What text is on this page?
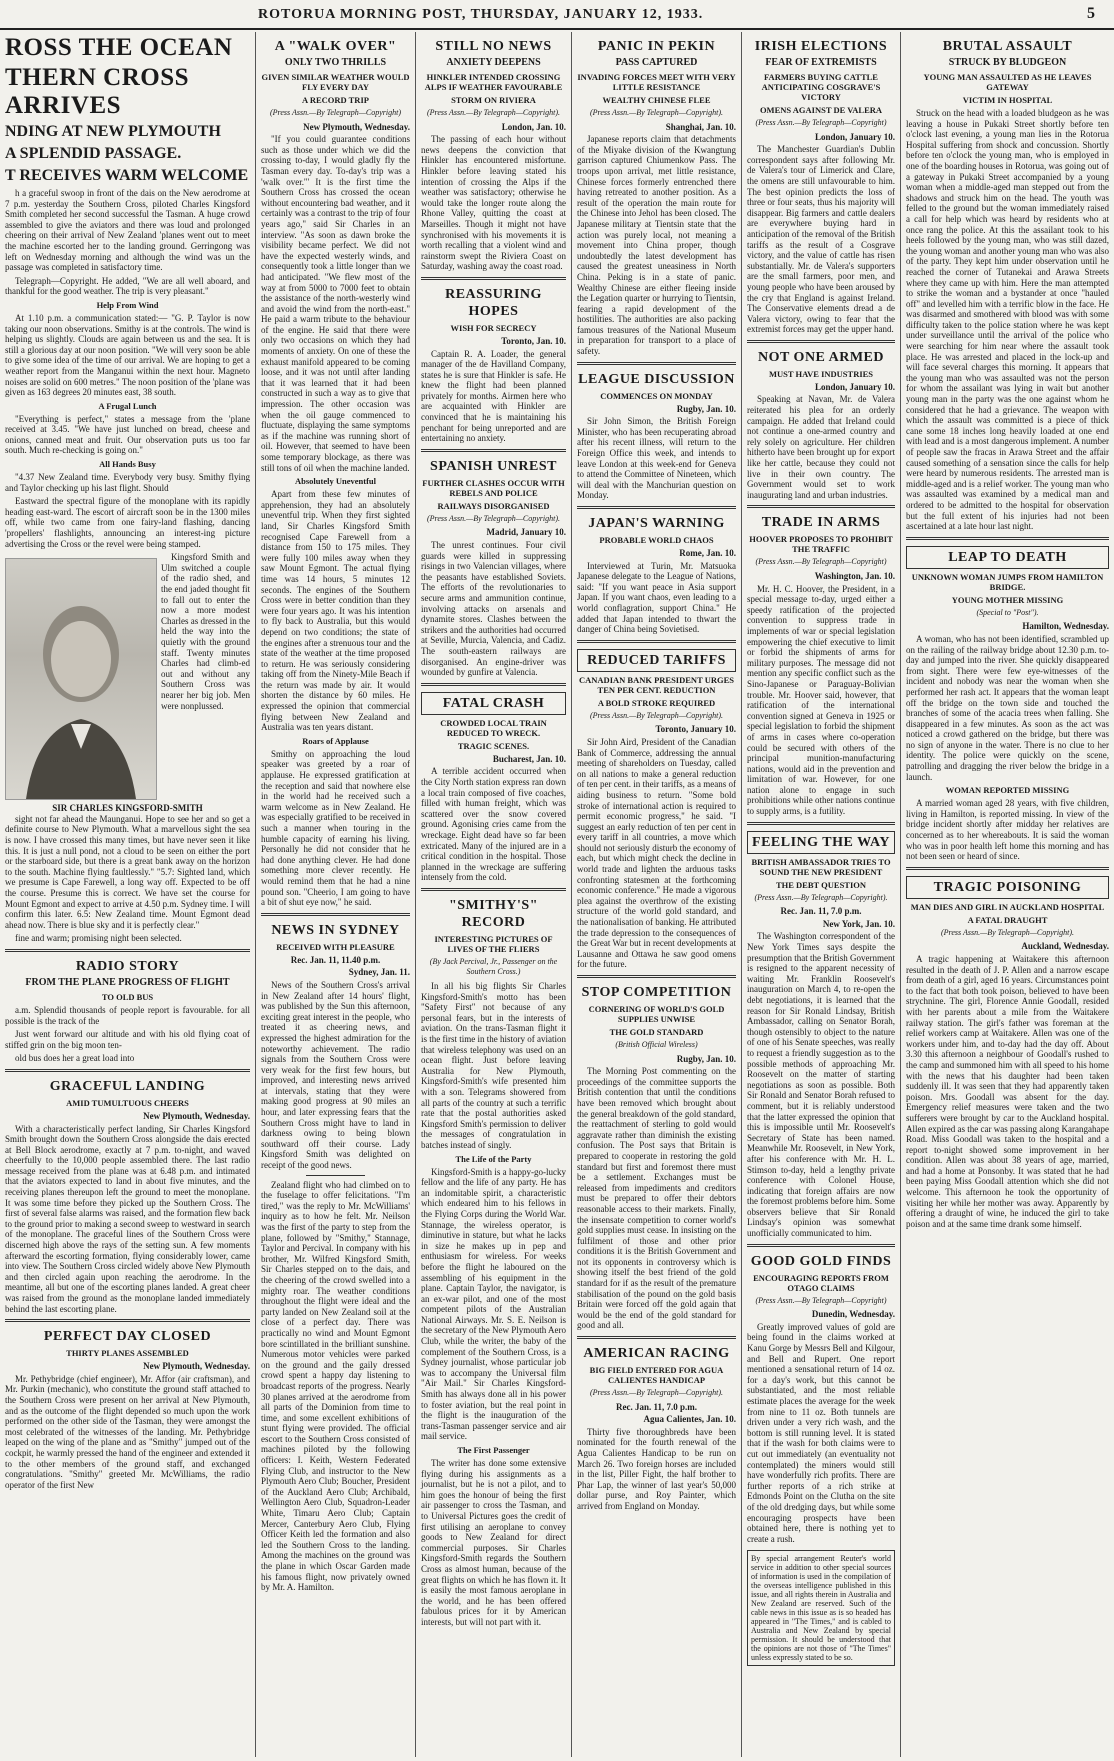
ROTORUA MORNING POST, THURSDAY, JANUARY 12, 1933.	5
ROSS THE OCEAN
THERN CROSS ARRIVES
NDING AT NEW PLYMOUTH
A SPLENDID PASSAGE.
T RECEIVES WARM WELCOME

h a graceful swoop in front of the dais on the New aerodrome at 7 p.m. yesterday the Southern Cross, piloted Charles Kingsford Smith completed her second successful the Tasman. A huge crowd assembled to give the aviators and there was loud and prolonged cheering on their arrival of New Zealand 'planes went out to meet the machine escorted her to the landing ground. Gerringong was left on Wednesday morning and although the wind was un the passage was completed in satisfactory time.

Telegraph—Copyright. He added, "We are all well aboard, and thankful for the good weather. The trip is very pleasant."

Help From Wind

At 1.10 p.m. a communication stated:— "G. P. Taylor is now taking our noon observations. Smithy is at the controls. The wind is helping us slightly. Clouds are again between us and the sea. It is still a glorious day at our noon position. "We will very soon be able to give some idea of the time of our arrival. We are hoping to get a weather report from the Manganui within the next hour. Magneto noises are solid on 600 metres." The noon position of the 'plane was given as 163 degrees 20 minutes east, 38 south.

A Frugal Lunch

"Everything is perfect," states a message from the 'plane received at 3.45. "We have just lunched on bread, cheese and onions, canned meat and fruit. Our observation puts us too far south. Much re-checking is going on."

All Hands Busy

"4.37 New Zealand time. Everybody very busy. Smithy flying and Taylor checking up his last flight. Should

Eastward the spectral figure of the monoplane with its rapidly heading east-ward. The escort of aircraft soon be in the 1300 miles off, while two came from one fairy-land flashing, dancing 'propellers' flashlights, announcing an interest-ing picture advertising the Cross or the revel were being stamped.

Kingsford Smith and Ulm switched a couple of the radio shed, and the end jaded thought fit to fall out to enter the now a more modest Charles as dressed in the held the way into the quietly with the ground staff. Twenty minutes Charles had climb-ed out and without any Southern Cross was nearer her big job. Men were nonplussed.

SIR CHARLES KINGSFORD-SMITH

sight not far ahead the Maunganui. Hope to see her and so get a definite course to New Plymouth. What a marvellous sight the sea is now. I have crossed this many times, but have never seen it like this. It is just a null pond, not a cloud to be seen on either the port or the starboard side, but there is a great bank away on the horizon to the south. Machine flying faultlessly." "5.7: Sighted land, which we presume is Cape Farewell, a long way off. Expected to be off the course. Presume this is correct. We have set the course for Mount Egmont and expect to arrive at 4.50 p.m. Sydney time. I will confirm this later. 6.5: New Zealand time. Mount Egmont dead ahead now. There is blue sky and it is perfectly clear."

fine and warm; promising night been selected.

RADIO STORY
FROM THE PLANE PROGRESS OF FLIGHT
TO OLD BUS

a.m. Splendid thousands of people report is favourable. for all possible is the track of the

Just went forward our altitude and with his old flying coat of stiffed grin on the big moon ten-

old bus does her a great load into

GRACEFUL LANDING
AMID TUMULTUOUS CHEERS
New Plymouth, Wednesday.

With a characteristically perfect landing, Sir Charles Kingsford Smith brought down the Southern Cross alongside the dais erected at Bell Block aerodrome, exactly at 7 p.m. to-night, and waved cheerfully to the 10,000 people assembled there. The last radio message received from the plane was at 6.48 p.m. and intimated that the aviators expected to land in about five minutes, and the receiving planes thereupon left the ground to meet the monoplane. It was some time before they picked up the Southern Cross. The first of several false alarms was raised, and the formation flew back to the ground prior to making a second sweep to westward in search of the monoplane. The graceful lines of the Southern Cross were discerned high above the rays of the setting sun. A few moments afterward the escorting formation, flying considerably lower, came into view. The Southern Cross circled widely above New Plymouth and then circled again upon reaching the aerodrome. In the meantime, all but one of the escorting planes landed. A great cheer was raised from the ground as the monoplane landed immediately behind the last escorting plane.

PERFECT DAY CLOSED
THIRTY PLANES ASSEMBLED
New Plymouth, Wednesday.

Mr. Pethybridge (chief engineer), Mr. Affor (air craftsman), and Mr. Purkin (mechanic), who constitute the ground staff attached to the Southern Cross were present on her arrival at New Plymouth, and as the outcome of the flight depended so much upon the work performed on the other side of the Tasman, they were amongst the most celebrated of the witnesses of the landing. Mr. Pethybridge leaped on the wing of the plane and as "Smithy" jumped out of the cockpit, he warmly pressed the hand of the engineer and extended it to the other members of the ground staff, and exchanged congratulations. "Smithy" greeted Mr. McWilliams, the radio operator of the first New

A "WALK OVER"
ONLY TWO THRILLS
GIVEN SIMILAR WEATHER WOULD FLY EVERY DAY
A RECORD TRIP
(Press Assn.—By Telegraph—Copyright)
New Plymouth, Wednesday.

"If you could guarantee conditions such as those under which we did the crossing to-day, I would gladly fly the Tasman every day. To-day's trip was a 'walk over.'" It is the first time the Southern Cross has crossed the ocean without encountering bad weather, and it certainly was a contrast to the trip of four years ago," said Sir Charles in an interview. "As soon as dawn broke the visibility became perfect. We did not have the expected westerly winds, and consequently took a little longer than we had anticipated. "We flew most of the way at from 5000 to 7000 feet to obtain the assistance of the north-westerly wind and avoid the wind from the north-east." He paid a warm tribute to the behaviour of the engine. He said that there were only two occasions on which they had moments of anxiety. On one of these the exhaust manifold appeared to be coming loose, and it was not until after landing that it was learned that it had been constructed in such a way as to give that impression. The other occasion was when the oil gauge commenced to fluctuate, displaying the same symptoms as if the machine was running short of oil. However, that seemed to have been some temporary blockage, as there was still tons of oil when the machine landed.

Absolutely Uneventful

Apart from these few minutes of apprehension, they had an absolutely uneventful trip. When they first sighted land, Sir Charles Kingsford Smith recognised Cape Farewell from a distance from 150 to 175 miles. They were fully 100 miles away when they saw Mount Egmont. The actual flying time was 14 hours, 5 minutes 12 seconds. The engines of the Southern Cross were in better condition than they were four years ago. It was his intention to fly back to Australia, but this would depend on two conditions; the state of the engines after a strenuous tour and the state of the weather at the time proposed to return. He was seriously considering taking off from the Ninety-Mile Beach if the return was made by air. It would shorten the distance by 60 miles. He expressed the opinion that commercial flying between New Zealand and Australia was ten years distant.

Roars of Applause

Smithy on approaching the loud speaker was greeted by a roar of applause. He expressed gratification at the reception and said that nowhere else in the world had he received such a warm welcome as in New Zealand. He was especially gratified to be received in such a manner when touring in the humble capacity of earning his living. Personally he did not consider that he had done anything clever. He had done something more clever recently. He would remind them that he had a nine pound son. "Cheerio, I am going to have a bit of shut eye now," he said.

NEWS IN SYDNEY
RECEIVED WITH PLEASURE
Rec. Jan. 11, 11.40 p.m.
Sydney, Jan. 11.

News of the Southern Cross's arrival in New Zealand after 14 hours' flight, was published by the Sun this afternoon, exciting great interest in the people, who treated it as cheering news, and expressed the highest admiration for the noteworthy achievement. The radio signals from the Southern Cross were very weak for the first few hours, but improved, and interesting news arrived at intervals, stating that they were making good progress at 90 miles an hour, and later expressing fears that the Southern Cross might have to land in darkness owing to being blown southward off their course. Lady Kingsford Smith was delighted on receipt of the good news.

Zealand flight who had climbed on to the fuselage to offer felicitations. "I'm tired," was the reply to Mr. McWilliams' inquiry as to how he felt. Mr. Neilson was the first of the party to step from the plane, followed by "Smithy," Stannage, Taylor and Percival. In company with his brother, Mr. Wilfred Kingsford Smith, Sir Charles stepped on to the dais, and the cheering of the crowd swelled into a mighty roar. The weather conditions throughout the flight were ideal and the party landed on New Zealand soil at the close of a perfect day. There was practically no wind and Mount Egmont bore scintillated in the brilliant sunshine. Numerous motor vehicles were parked on the ground and the gaily dressed crowd spent a happy day listening to broadcast reports of the progress. Nearly 30 planes arrived at the aerodrome from all parts of the Dominion from time to time, and some excellent exhibitions of stunt flying were provided. The official escort to the Southern Cross consisted of machines piloted by the following officers: I. Keith, Western Federated Flying Club, and instructor to the New Plymouth Aero Club; Boucher, President of the Auckland Aero Club; Archibald, Wellington Aero Club, Squadron-Leader White, Timaru Aero Club; Captain Mercer, Canterbury Aero Club, Flying Officer Keith led the formation and also led the Southern Cross to the landing. Among the machines on the ground was the plane in which Oscar Garden made his famous flight, now privately owned by Mr. A. Hamilton.

STILL NO NEWS
ANXIETY DEEPENS
HINKLER INTENDED CROSSING ALPS IF WEATHER FAVOURABLE
STORM ON RIVIERA
(Press Assn.—By Telegraph—Copyright).
London, Jan. 10.

The passing of each hour without news deepens the conviction that Hinkler has encountered misfortune. Hinkler before leaving stated his intention of crossing the Alps if the weather was satisfactory; otherwise he would take the longer route along the Rhone Valley, quitting the coast at Marseilles. Though it might not have synchronised with his movements it is worth recalling that a violent wind and rainstorm swept the Riviera Coast on Saturday, washing away the coast road.

REASSURING HOPES
WISH FOR SECRECY
Toronto, Jan. 10.

Captain R. A. Loader, the general manager of the de Havilland Company, states he is sure that Hinkler is safe. He knew the flight had been planned privately for months. Airmen here who are acquainted with Hinkler are convinced that he is maintaining his penchant for being unreported and are entertaining no anxiety.

SPANISH UNREST
FURTHER CLASHES OCCUR WITH REBELS AND POLICE
RAILWAYS DISORGANISED
(Press Assn.—By Telegraph—Copyright).
Madrid, January 10.

The unrest continues. Four civil guards were killed in suppressing risings in two Valencian villages, where the peasants have established Soviets. The efforts of the revolutionaries to secure arms and ammunition continue, involving attacks on arsenals and dynamite stores. Clashes between the strikers and the authorities had occurred at Seville, Murcia, Valencia, and Cadiz. The south-eastern railways are disorganised. An engine-driver was wounded by gunfire at Valencia.

FATAL CRASH
CROWDED LOCAL TRAIN REDUCED TO WRECK.
TRAGIC SCENES.
Bucharest, Jan. 10.

A terrible accident occurred when the City North station express ran down a local train composed of five coaches, filled with human freight, which was scattered over the snow covered ground. Agonising cries came from the wreckage. Eight dead have so far been extricated. Many of the injured are in a critical condition in the hospital. Those planned in the wreckage are suffering intensely from the cold.

"SMITHY'S" RECORD
INTERESTING PICTURES OF LIVES OF THE FLIERS
(By Jack Percival, Jr., Passenger on the Southern Cross.)

In all his big flights Sir Charles Kingsford-Smith's motto has been "Safety First" not because of any personal fears, but in the interests of aviation. On the trans-Tasman flight it is the first time in the history of aviation that wireless telephony was used on an ocean flight. Just before leaving Australia for New Plymouth, Kingsford-Smith's wife presented him with a son. Telegrams showered from all parts of the country at such a terrific rate that the postal authorities asked Kingsford Smith's permission to deliver the messages of congratulation in batches instead of singly.

The Life of the Party

Kingsford-Smith is a happy-go-lucky fellow and the life of any party. He has an indomitable spirit, a characteristic which endeared him to his fellows in the Flying Corps during the World War. Stannage, the wireless operator, is diminutive in stature, but what he lacks in size he makes up in pep and enthusiasm for wireless. For weeks before the flight he laboured on the assembling of his equipment in the plane. Captain Taylor, the navigator, is an ex-war pilot, and one of the most competent pilots of the Australian National Airways. Mr. S. E. Neilson is the secretary of the New Plymouth Aero Club, while the writer, the baby of the complement of the Southern Cross, is a Sydney journalist, whose particular job was to accompany the Universal film "Air Mail." Sir Charles Kingsford-Smith has always done all in his power to foster aviation, but the real point in the flight is the inauguration of the trans-Tasman passenger service and air mail service.

The First Passenger

The writer has done some extensive flying during his assignments as a journalist, but he is not a pilot, and to him goes the honour of being the first air passenger to cross the Tasman, and to Universal Pictures goes the credit of first utilising an aeroplane to convey goods to New Zealand for direct commercial purposes. Sir Charles Kingsford-Smith regards the Southern Cross as almost human, because of the great flights on which he has flown it. It is easily the most famous aeroplane in the world, and he has been offered fabulous prices for it by American interests, but will not part with it.

PANIC IN PEKIN
PASS CAPTURED
INVADING FORCES MEET WITH VERY LITTLE RESISTANCE
WEALTHY CHINESE FLEE
(Press Assn.—By Telegraph—Copyright).
Shanghai, Jan. 10.

Japanese reports claim that detachments of the Miyake division of the Kwangtung garrison captured Chiumenkow Pass. The troops upon arrival, met little resistance, Chinese forces formerly entrenched there having retreated to another position. As a result of the operation the main route for the Chinese into Jehol has been closed. The Japanese military at Tientsin state that the action was purely local, not meaning a movement into China proper, though undoubtedly the latest development has caused the greatest uneasiness in North China. Peking is in a state of panic. Wealthy Chinese are either fleeing inside the Legation quarter or hurrying to Tientsin, fearing a rapid development of the hostilities. The authorities are also packing famous treasures of the National Museum in preparation for transport to a place of safety.

LEAGUE DISCUSSION
COMMENCES ON MONDAY
Rugby, Jan. 10.

Sir John Simon, the British Foreign Minister, who has been recuperating abroad after his recent illness, will return to the Foreign Office this week, and intends to leave London at this week-end for Geneva to attend the Committee of Nineteen, which will deal with the Manchurian question on Monday.

JAPAN'S WARNING
PROBABLE WORLD CHAOS
Rome, Jan. 10.

Interviewed at Turin, Mr. Matsuoka Japanese delegate to the League of Nations, said: "If you want peace in Asia support Japan. If you want chaos, even leading to a world conflagration, support China." He added that Japan intended to thwart the danger of China being Sovietised.

REDUCED TARIFFS
CANADIAN BANK PRESIDENT URGES TEN PER CENT. REDUCTION
A BOLD STROKE REQUIRED
(Press Assn.—By Telegraph—Copyright).
Toronto, January 10.

Sir John Aird, President of the Canadian Bank of Commerce, addressing the annual meeting of shareholders on Tuesday, called on all nations to make a general reduction of ten per cent. in their tariffs, as a means of aiding business to return. "Some bold stroke of international action is required to permit economic progress," he said. "I suggest an early reduction of ten per cent in every tariff in all countries, a move which should not seriously disturb the economy of each, but which might check the decline in world trade and lighten the arduous tasks confronting statesmen at the forthcoming economic conference." He made a vigorous plea against the overthrow of the existing structure of the world gold standard, and the nationalisation of banking. He attributed the trade depression to the consequences of the Great War but in recent developments at Lausanne and Ottawa he saw good omens for the future.

STOP COMPETITION
CORNERING OF WORLD'S GOLD SUPPLIES UNWISE
THE GOLD STANDARD
(British Official Wireless)
Rugby, Jan. 10.

The Morning Post commenting on the proceedings of the committee supports the British contention that until the conditions have been removed which brought about the general breakdown of the gold standard, the reattachment of sterling to gold would aggravate rather than diminish the existing confusion. The Post says that Britain is prepared to cooperate in restoring the gold standard but first and foremost there must be a settlement. Exchanges must be released from impediments and creditors must be prepared to offer their debtors reasonable access to their markets. Finally, the insensate competition to corner world's gold supplies must cease. In insisting on the fulfilment of those and other prior conditions it is the British Government and not its opponents in controversy which is showing itself the best friend of the gold standard for if as the result of the premature stabilisation of the pound on the gold basis Britain were forced off the gold again that would be the end of the gold standard for good and all.

AMERICAN RACING
BIG FIELD ENTERED FOR AGUA CALIENTES HANDICAP
(Press Assn.—By Telegraph—Copyright).
Rec. Jan. 11, 7.0 p.m.
Agua Calientes, Jan. 10.

Thirty five thoroughbreds have been nominated for the fourth renewal of the Agua Calientes Handicap to be run on March 26. Two foreign horses are included in the list, Piller Fight, the half brother to Phar Lap, the winner of last year's 50,000 dollar purse, and Roy Painter, which arrived from England on Monday.

IRISH ELECTIONS
FEAR OF EXTREMISTS
FARMERS BUYING CATTLE ANTICIPATING COSGRAVE'S VICTORY
OMENS AGAINST DE VALERA
(Press Assn.—By Telegraph—Copyright)
London, January 10.

The Manchester Guardian's Dublin correspondent says after following Mr. de Valera's tour of Limerick and Clare, the omens are still unfavourable to him. The best opinion predicts the loss of three or four seats, thus his majority will disappear. Big farmers and cattle dealers are everywhere buying hard in anticipation of the removal of the British tariffs as the result of a Cosgrave victory, and the value of cattle has risen substantially. Mr. de Valera's supporters are the small farmers, poor men, and young people who have been aroused by the cry that England is against Ireland. The Conservative elements dread a de Valera victory, owing to fear that the extremist forces may get the upper hand.

NOT ONE ARMED
MUST HAVE INDUSTRIES
London, January 10.

Speaking at Navan, Mr. de Valera reiterated his plea for an orderly campaign. He added that Ireland could not continue a one-armed country and rely solely on agriculture. Her children hitherto have been brought up for export like her cattle, because they could not live in their own country. The Government would set to work inaugurating land and urban industries.

TRADE IN ARMS
HOOVER PROPOSES TO PROHIBIT THE TRAFFIC
(Press Assn.—By Telegraph—Copyright)
Washington, Jan. 10.

Mr. H. C. Hoover, the President, in a special message to-day, urged either a speedy ratification of the projected convention to suppress trade in implements of war or special legislation empowering the chief executive to limit or forbid the shipments of arms for military purposes. The message did not mention any specific conflict such as the Sino-Japanese or Paraguay-Bolivian trouble. Mr. Hoover said, however, that ratification of the international convention signed at Geneva in 1925 or special legislation to forbid the shipment of arms in cases where co-operation could be secured with others of the principal munition-manufacturing nations, would aid in the prevention and limitation of war. However, for one nation alone to engage in such prohibitions while other nations continue to supply arms, is a futility.

FEELING THE WAY
BRITISH AMBASSADOR TRIES TO SOUND THE NEW PRESIDENT
THE DEBT QUESTION
(Press Assn.—By Telegraph—Copyright).
Rec. Jan. 11, 7.0 p.m.
New York, Jan. 10.

The Washington correspondent of the New York Times says despite the presumption that the British Government is resigned to the apparent necessity of waiting Mr. Franklin Roosevelt's inauguration on March 4, to re-open the debt negotiations, it is learned that the reason for Sir Ronald Lindsay, British Ambassador, calling on Senator Borah, though ostensibly to object to the nature of one of his Senate speeches, was really to request a friendly suggestion as to the possible methods of approaching Mr. Roosevelt on the matter of starting negotiations as soon as possible. Both Sir Ronald and Senator Borah refused to comment, but it is reliably understood that the latter expressed the opinion that this is impossible until Mr. Roosevelt's Secretary of State has been named. Meanwhile Mr. Roosevelt, in New York, after his conference with Mr. H. L. Stimson to-day, held a lengthy private conference with Colonel House, indicating that foreign affairs are now the foremost problems before him. Some observers believe that Sir Ronald Lindsay's opinion was somewhat unofficially communicated to him.

GOOD GOLD FINDS
ENCOURAGING REPORTS FROM OTAGO CLAIMS
(Press Assn.—By Telegraph—Copyright)
Dunedin, Wednesday.

Greatly improved values of gold are being found in the claims worked at Kanu Gorge by Messrs Bell and Kilgour, and Bell and Rupert. One report mentioned a sensational return of 14 oz. for a day's work, but this cannot be substantiated, and the most reliable estimate places the average for the week from nine to 11 oz. Both tunnels are driven under a very rich wash, and the bottom is still running level. It is stated that if the wash for both claims were to cut out immediately (an eventuality not contemplated) the miners would still have wonderfully rich profits. There are further reports of a rich strike at Edmonds Point on the Clutha on the site of the old dredging days, but while some encouraging prospects have been obtained here, there is nothing yet to create a rush.

By special arrangement Reuter's world service in addition to other special sources of information is used in the compilation of the overseas intelligence published in this issue, and all rights therein in Australia and New Zealand are reserved. Such of the cable news in this issue as is so headed has appeared in "The Times," and is cabled to Australia and New Zealand by special permission. It should be understood that the opinions are not those of "The Times" unless expressly stated to be so.
BRUTAL ASSAULT
STRUCK BY BLUDGEON
YOUNG MAN ASSAULTED AS HE LEAVES GATEWAY
VICTIM IN HOSPITAL

Struck on the head with a loaded bludgeon as he was leaving a house in Pukaki Street shortly before ten o'clock last evening, a young man lies in the Rotorua Hospital suffering from shock and concussion. Shortly before ten o'clock the young man, who is employed in one of the boarding houses in Rotorua, was going out of a gateway in Pukaki Street accompanied by a young woman when a middle-aged man stepped out from the shadows and struck him on the head. The youth was felled to the ground but the woman immediately raised a call for help which was heard by residents who at once rang the police. At this the assailant took to his heels followed by the young man, who was still dazed, the young woman and another young man who was also of the party. They kept him under observation until he reached the corner of Tutanekai and Arawa Streets where they came up with him. Here the man attempted to strike the woman and a bystander at once "hauled off" and levelled him with a terrific blow in the face. He was disarmed and smothered with blood was with some difficulty taken to the police station where he was kept under surveillance until the arrival of the police who were searching for him near where the assault took place. He was arrested and placed in the lock-up and will face several charges this morning. It appears that the young man who was assaulted was not the person for whom the assailant was lying in wait but another young man in the party was the one against whom he considered that he had a grievance. The weapon with which the assault was committed is a piece of thick cane some 18 inches long heavily loaded at one end with lead and is a most dangerous implement. A number of people saw the fracas in Arawa Street and the affair caused something of a sensation since the calls for help were heard by numerous residents. The arrested man is middle-aged and is a relief worker. The young man who was assaulted was examined by a medical man and ordered to be admitted to the hospital for observation but the full extent of his injuries had not been ascertained at a late hour last night.

LEAP TO DEATH
UNKNOWN WOMAN JUMPS FROM HAMILTON BRIDGE.
YOUNG MOTHER MISSING
(Special to "Post").
Hamilton, Wednesday.

A woman, who has not been identified, scrambled up on the railing of the railway bridge about 12.30 p.m. to-day and jumped into the river. She quickly disappeared from sight. There were few eye-witnesses of the incident and nobody was near the woman when she performed her rash act. It appears that the woman leapt off the bridge on the town side and touched the branches of some of the acacia trees when falling. She disappeared in a few minutes. As soon as the act was noticed a crowd gathered on the bridge, but there was no sign of anyone in the water. There is no clue to her identity. The police were quickly on the scene, patrolling and dragging the river below the bridge in a launch.

WOMAN REPORTED MISSING

A married woman aged 28 years, with five children, living in Hamilton, is reported missing. In view of the bridge incident shortly after midday her relatives are concerned as to her whereabouts. It is said the woman who was in poor health left home this morning and has not been seen or heard of since.

TRAGIC POISONING
MAN DIES AND GIRL IN AUCKLAND HOSPITAL
A FATAL DRAUGHT
(Press Assn.—By Telegraph—Copyright).
Auckland, Wednesday.

A tragic happening at Waitakere this afternoon resulted in the death of J. P. Allen and a narrow escape from death of a girl, aged 16 years. Circumstances point to the fact that both took poison, believed to have been strychnine. The girl, Florence Annie Goodall, resided with her parents about a mile from the Waitakere railway station. The girl's father was foreman at the relief workers camp at Waitakere. Allen was one of the workers under him, and to-day had the day off. About 3.30 this afternoon a neighbour of Goodall's rushed to the camp and summoned him with all speed to his home with the news that his daughter had been taken suddenly ill. It was seen that they had apparently taken poison. Mrs. Goodall was absent for the day. Emergency relief measures were taken and the two sufferers were brought by car to the Auckland hospital. Allen expired as the car was passing along Karangahape Road. Miss Goodall was taken to the hospital and a report to-night showed some improvement in her condition. Allen was about 38 years of age, married, and had a home at Ponsonby. It was stated that he had been paying Miss Goodall attention which she did not welcome. This afternoon he took the opportunity of visiting her while her mother was away. Apparently by offering a draught of wine, he induced the girl to take poison and at the same time drank some himself.
